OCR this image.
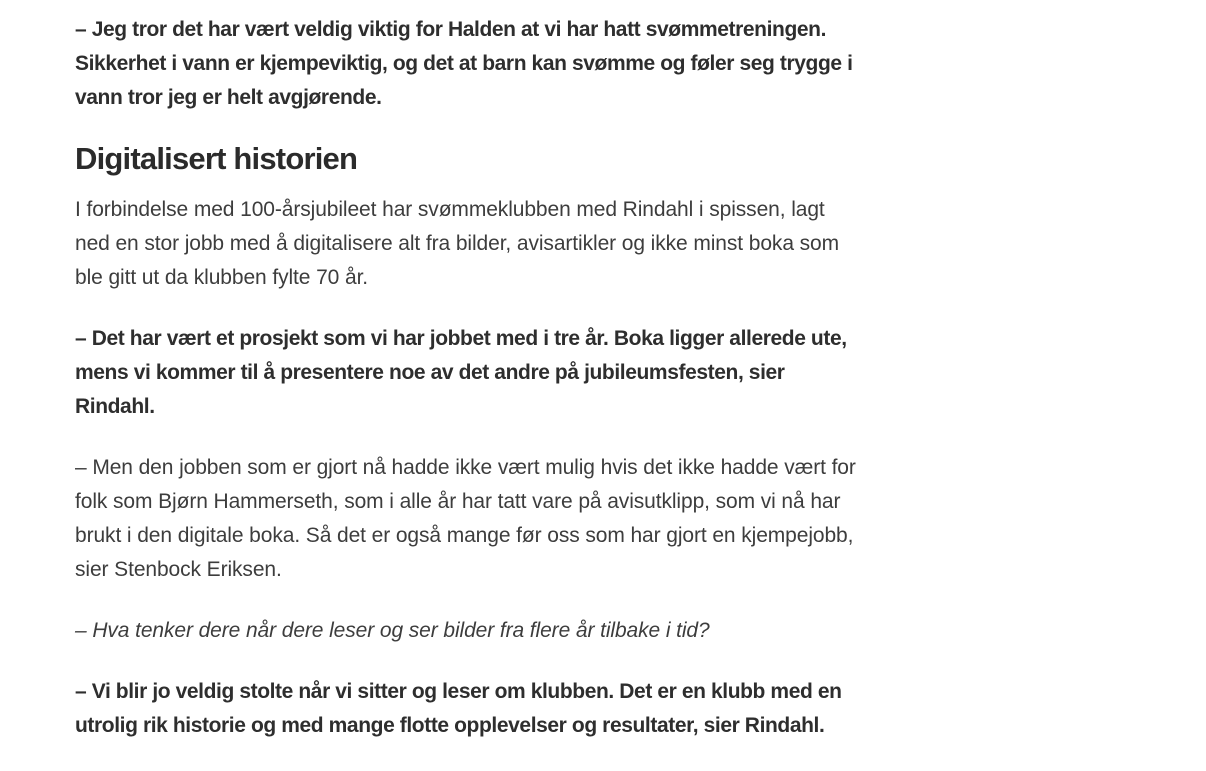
– Jeg tror det har vært veldig viktig for Halden at vi har hatt svømmetreningen. Sikkerhet i vann er kjempeviktig, og det at barn kan svømme og føler seg trygge i vann tror jeg er helt avgjørende.

Digitalisert historien

I forbindelse med 100-årsjubileet har svømmeklubben med Rindahl i spissen, lagt ned en stor jobb med å digitalisere alt fra bilder, avisartikler og ikke minst boka som ble gitt ut da klubben fylte 70 år.

– Det har vært et prosjekt som vi har jobbet med i tre år. Boka ligger allerede ute, mens vi kommer til å presentere noe av det andre på jubileumsfesten, sier Rindahl.

– Men den jobben som er gjort nå hadde ikke vært mulig hvis det ikke hadde vært for folk som Bjørn Hammerseth, som i alle år har tatt vare på avisutklipp, som vi nå har brukt i den digitale boka. Så det er også mange før oss som har gjort en kjempejobb, sier Stenbock Eriksen.

– Hva tenker dere når dere leser og ser bilder fra flere år tilbake i tid?

– Vi blir jo veldig stolte når vi sitter og leser om klubben. Det er en klubb med en utrolig rik historie og med mange flotte opplevelser og resultater, sier Rindahl.
